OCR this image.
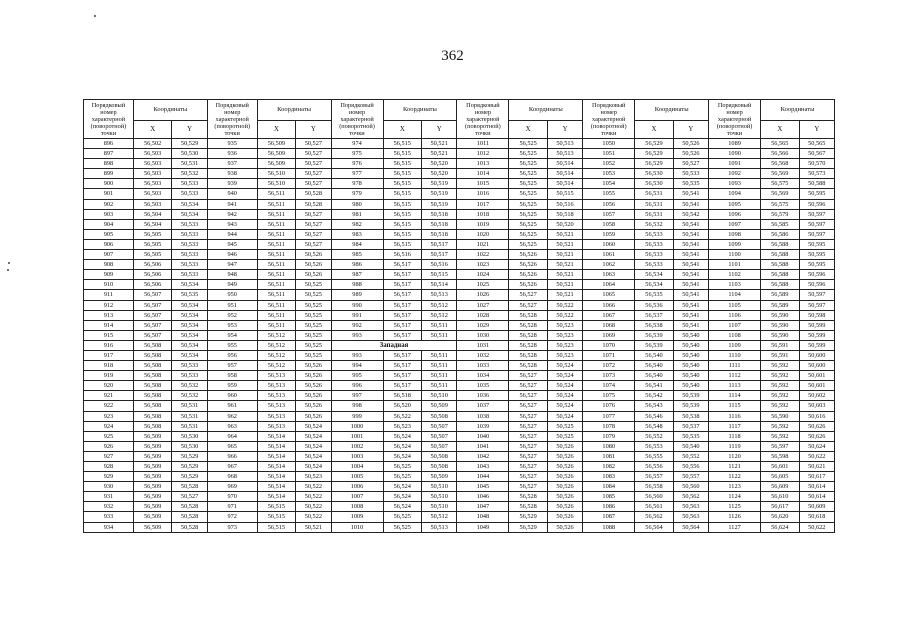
362
Порядковый номер характерной (поворотной) точки	Координаты		Порядковый номер характерной (поворотной) точки	Координаты		Порядковый номер характерной (поворотной) точки	Координаты		Порядковый номер характерной (поворотной) точки	Координаты		Порядковый номер характерной (поворотной) точки	Координаты		Порядковый номер характерной (поворотной) точки	Координаты	
	X	Y		X	Y		X	Y		X	Y		X	Y		X	Y
896	56,502	50,529	935	56,509	50,527	974	56,515	50,521	1011	56,525	50,513	1050	56,529	50,526	1089	56,565	50,565
897	56,503	50,530	936	56,509	50,527	975	56,515	50,521	1012	56,525	50,513	1051	56,529	50,526	1090	56,566	50,567
898	56,503	50,531	937	56,509	50,527	976	56,515	50,520	1013	56,525	50,514	1052	56,529	50,527	1091	56,568	50,570
899	56,503	50,532	938	56,510	50,527	977	56,515	50,520	1014	56,525	50,514	1053	56,530	50,533	1092	56,569	50,573
900	56,503	50,533	939	56,510	50,527	978	56,515	50,519	1015	56,525	50,514	1054	56,530	50,535	1093	56,575	50,588
901	56,503	50,533	940	56,511	50,528	979	56,515	50,519	1016	56,525	50,515	1055	56,531	50,541	1094	56,569	50,595
902	56,503	50,534	941	56,511	50,528	980	56,515	50,519	1017	56,525	50,516	1056	56,531	50,541	1095	56,575	50,596
903	56,504	50,534	942	56,511	50,527	981	56,515	50,518	1018	56,525	50,518	1057	56,531	50,542	1096	56,579	50,597
904	56,504	50,533	943	56,511	50,527	982	56,515	50,518	1019	56,525	50,520	1058	56,532	50,541	1097	56,585	50,597
905	56,505	50,533	944	56,511	50,527	983	56,515	50,518	1020	56,525	50,521	1059	56,533	50,541	1098	56,586	50,597
906	56,505	50,533	945	56,511	50,527	984	56,515	50,517	1021	56,525	50,521	1060	56,533	50,541	1099	56,588	50,595
907	56,505	50,533	946	56,511	50,526	985	56,516	50,517	1022	56,526	50,521	1061	56,533	50,541	1100	56,588	50,595
908	56,506	50,533	947	56,511	50,526	986	56,517	50,516	1023	56,526	50,521	1062	56,533	50,541	1101	56,588	50,595
909	56,506	50,533	948	56,511	50,526	987	56,517	50,515	1024	56,526	50,521	1063	56,534	50,541	1102	56,588	50,596
910	56,506	50,534	949	56,511	50,525	988	56,517	50,514	1025	56,526	50,521	1064	56,534	50,541	1103	56,588	50,596
911	56,507	50,535	950	56,511	50,525	989	56,517	50,513	1026	56,527	50,521	1065	56,535	50,541	1104	56,589	50,597
912	56,507	50,534	951	56,511	50,525	990	56,517	50,512	1027	56,527	50,522	1066	56,536	50,541	1105	56,589	50,597
913	56,507	50,534	952	56,511	50,525	991	56,517	50,512	1028	56,528	50,522	1067	56,537	50,541	1106	56,590	50,598
914	56,507	50,534	953	56,511	50,525	992	56,517	50,511	1029	56,528	50,523	1068	56,538	50,541	1107	56,590	50,599
915	56,507	50,534	954	56,512	50,525	993	56,517	50,511	1030	56,528	50,523	1069	56,539	50,540	1108	56,590	50,599
916	56,508	50,534	955	56,512	50,525	Западная			1031	56,528	50,523	1070	56,539	50,540	1109	56,591	50,599
917	56,508	50,534	956	56,512	50,525	993	56,517	50,511	1032	56,528	50,523	1071	56,540	50,540	1110	56,591	50,600
918	56,508	50,533	957	56,512	50,526	994	56,517	50,511	1033	56,528	50,524	1072	56,540	50,540	1111	56,592	50,600
919	56,508	50,533	958	56,513	50,526	995	56,517	50,511	1034	56,527	50,524	1073	56,540	50,540	1112	56,592	50,601
920	56,508	50,532	959	56,513	50,526	996	56,517	50,511	1035	56,527	50,524	1074	56,541	50,540	1113	56,592	50,601
921	56,508	50,532	960	56,513	50,526	997	56,518	50,510	1036	56,527	50,524	1075	56,542	50,539	1114	56,592	50,602
922	56,508	50,531	961	56,513	50,526	998	56,520	50,509	1037	56,527	50,524	1076	56,543	50,539	1115	56,592	50,603
923	56,508	50,531	962	56,513	50,526	999	56,522	50,508	1038	56,527	50,524	1077	56,546	50,538	1116	56,590	50,616
924	56,508	50,531	963	56,513	50,524	1000	56,523	50,507	1039	56,527	50,525	1078	56,548	50,537	1117	56,592	50,626
925	56,509	50,530	964	56,514	50,524	1001	56,524	50,507	1040	56,527	50,525	1079	56,552	50,535	1118	56,592	50,626
926	56,509	50,530	965	56,514	50,524	1002	56,524	50,507	1041	56,527	50,526	1080	56,553	50,540	1119	56,597	50,624
927	56,509	50,529	966	56,514	50,524	1003	56,524	50,508	1042	56,527	50,526	1081	56,555	50,552	1120	56,598	50,622
928	56,509	50,529	967	56,514	50,524	1004	56,525	50,508	1043	56,527	50,526	1082	56,556	50,556	1121	56,601	50,621
929	56,509	50,529	968	56,514	50,523	1005	56,525	50,509	1044	56,527	50,526	1083	56,557	50,557	1122	56,605	50,617
930	56,509	50,528	969	56,514	50,522	1006	56,524	50,510	1045	56,527	50,526	1084	56,558	50,560	1123	56,609	50,614
931	56,509	50,527	970	56,514	50,522	1007	56,524	50,510	1046	56,528	50,526	1085	56,560	50,562	1124	56,610	50,614
932	56,509	50,528	971	56,515	50,522	1008	56,524	50,510	1047	56,528	50,526	1086	56,561	50,563	1125	56,617	50,609
933	56,509	50,528	972	56,515	50,522	1009	56,525	50,512	1048	56,529	50,526	1087	56,562	50,563	1126	56,620	50,618
934	56,509	50,528	973	56,515	50,521	1010	56,525	50,513	1049	56,529	50,526	1088	56,564	50,564	1127	56,624	50,622
